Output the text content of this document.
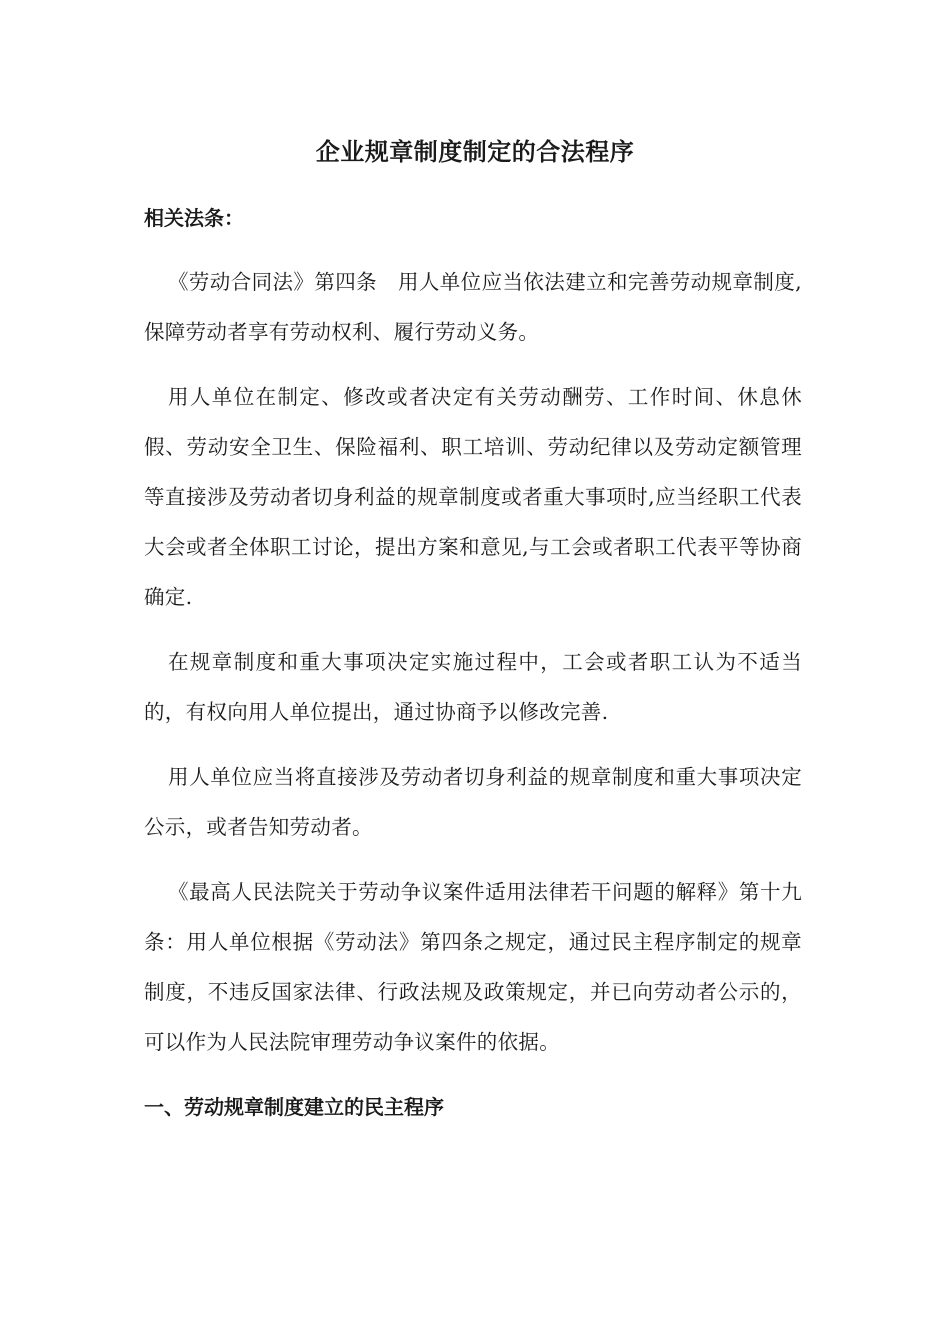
企业规章制度制定的合法程序
相关法条：

《劳动合同法》第四条　用人单位应当依法建立和完善劳动规章制度,保障劳动者享有劳动权利、履行劳动义务。

用人单位在制定、修改或者决定有关劳动酬劳、工作时间、休息休假、劳动安全卫生、保险福利、职工培训、劳动纪律以及劳动定额管理等直接涉及劳动者切身利益的规章制度或者重大事项时,应当经职工代表大会或者全体职工讨论，提出方案和意见,与工会或者职工代表平等协商确定.

在规章制度和重大事项决定实施过程中，工会或者职工认为不适当的，有权向用人单位提出，通过协商予以修改完善.

用人单位应当将直接涉及劳动者切身利益的规章制度和重大事项决定公示，或者告知劳动者。

《最高人民法院关于劳动争议案件适用法律若干问题的解释》第十九条：用人单位根据《劳动法》第四条之规定，通过民主程序制定的规章制度，不违反国家法律、行政法规及政策规定，并已向劳动者公示的，可以作为人民法院审理劳动争议案件的依据。

一、劳动规章制度建立的民主程序
